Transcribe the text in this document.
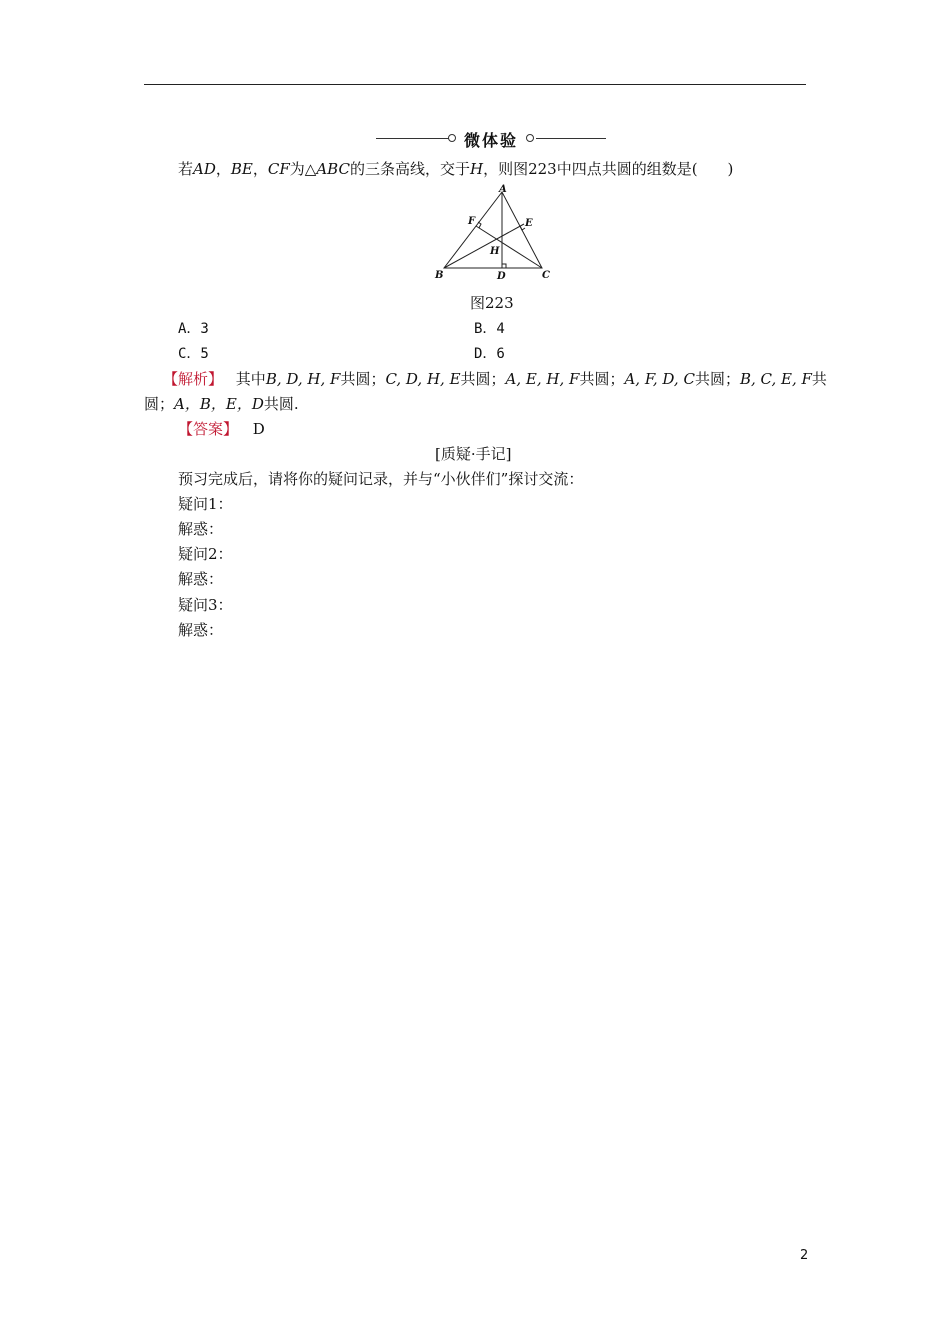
微体验
若AD，BE，CF为△ABC的三条高线，交于H，则图223中四点共圆的组数是(　　)
A
B	C
D
E
F
H
图223
A．3	B．4
C．5	D．6
【解析】 其中B, D, H, F共圆；C, D, H, E共圆；A, E, H, F共圆；A, F, D, C共圆；B, C, E, F共
圆；A，B，E，D共圆.
【答案】 D
[质疑·手记]
预习完成后，请将你的疑问记录，并与“小伙伴们”探讨交流：
疑问1：
解惑：
疑问2：
解惑：
疑问3：
解惑：
2
